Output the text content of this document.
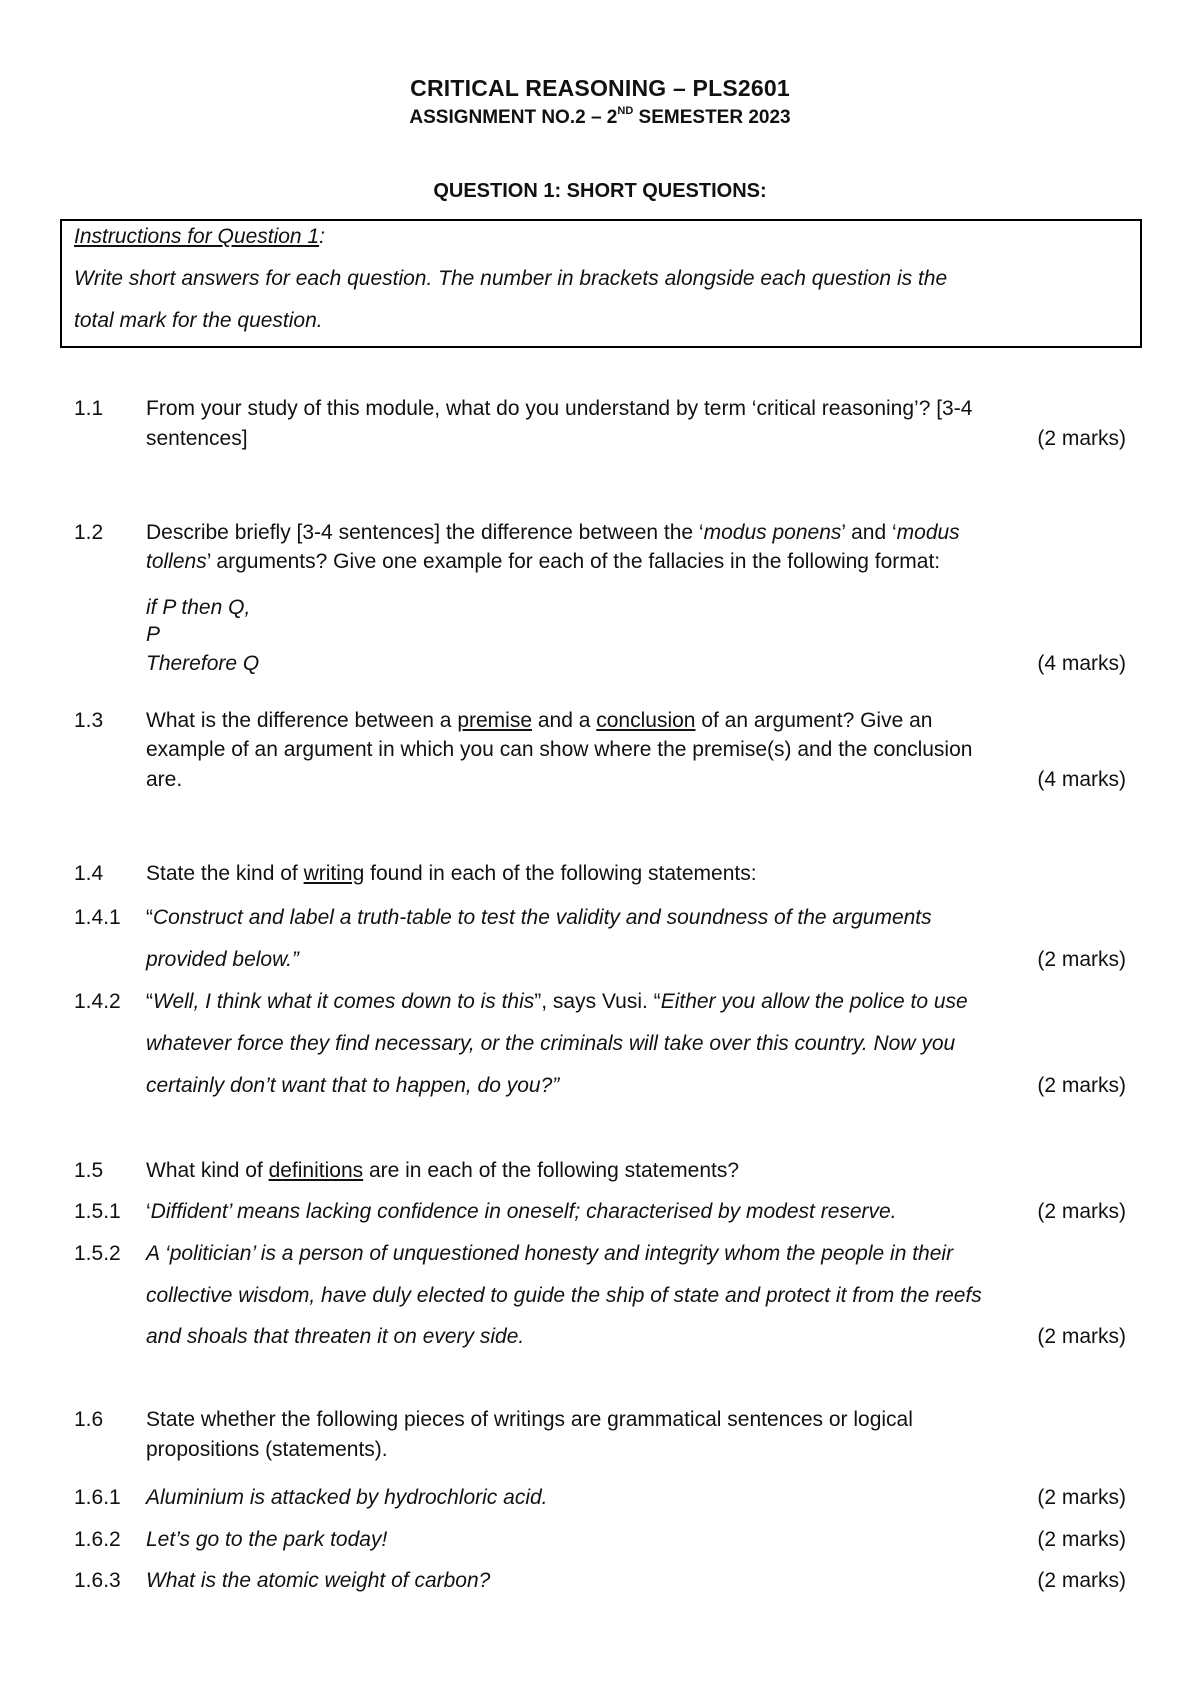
CRITICAL REASONING – PLS2601
ASSIGNMENT NO.2 – 2ND SEMESTER 2023
QUESTION 1: SHORT QUESTIONS:
Instructions for Question 1:
Write short answers for each question. The number in brackets alongside each question is the
total mark for the question.
1.1 From your study of this module, what do you understand by term ‘critical reasoning’? [3-4
sentences]	(2 marks)
1.2 Describe briefly [3-4 sentences] the difference between the ‘modus ponens’ and ‘modus
tollens’ arguments? Give one example for each of the fallacies in the following format:
if P then Q,
P
Therefore Q	(4 marks)
1.3 What is the difference between a premise and a conclusion of an argument? Give an
example of an argument in which you can show where the premise(s) and the conclusion
are.	(4 marks)
1.4 State the kind of writing found in each of the following statements:
1.4.1 “Construct and label a truth-table to test the validity and soundness of the arguments
provided below.”	(2 marks)
1.4.2 “Well, I think what it comes down to is this”, says Vusi. “Either you allow the police to use
whatever force they find necessary, or the criminals will take over this country. Now you
certainly don’t want that to happen, do you?”	(2 marks)
1.5 What kind of definitions are in each of the following statements?
1.5.1 ‘Diffident’ means lacking confidence in oneself; characterised by modest reserve.	(2 marks)
1.5.2 A ‘politician’ is a person of unquestioned honesty and integrity whom the people in their
collective wisdom, have duly elected to guide the ship of state and protect it from the reefs
and shoals that threaten it on every side.	(2 marks)
1.6 State whether the following pieces of writings are grammatical sentences or logical
propositions (statements).
1.6.1 Aluminium is attacked by hydrochloric acid.	(2 marks)
1.6.2 Let’s go to the park today!	(2 marks)
1.6.3 What is the atomic weight of carbon?	(2 marks)
